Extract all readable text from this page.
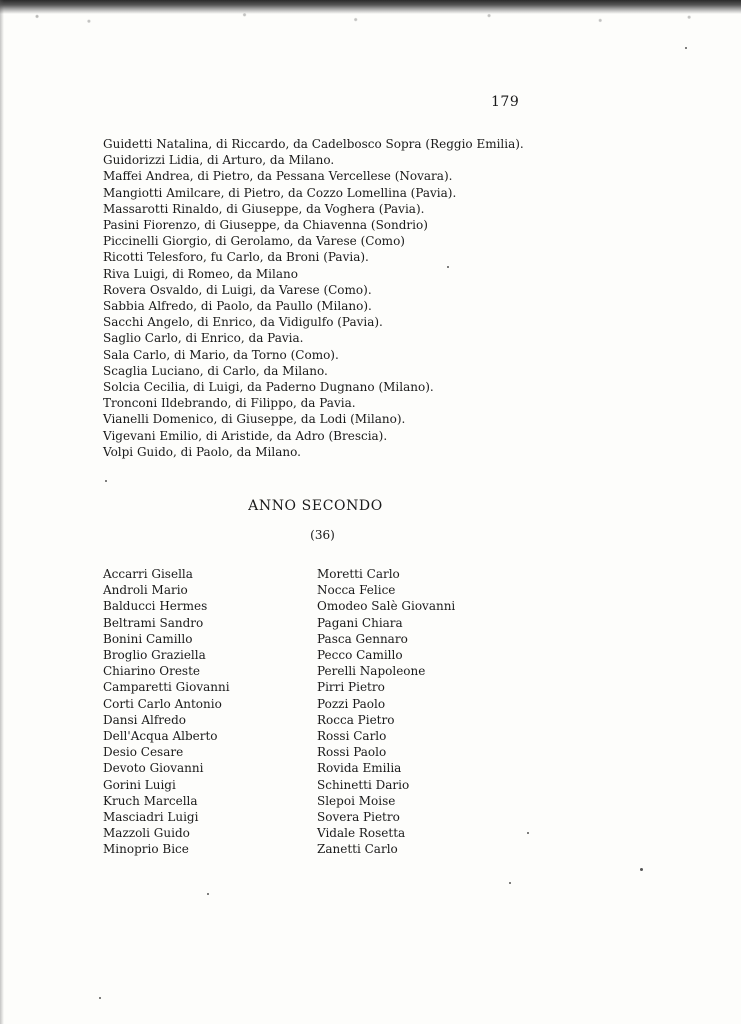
179
Guidetti Natalina, di Riccardo, da Cadelbosco Sopra (Reggio Emilia).
Guidorizzi Lidia, di Arturo, da Milano.
Maffei Andrea, di Pietro, da Pessana Vercellese (Novara).
Mangiotti Amilcare, di Pietro, da Cozzo Lomellina (Pavia).
Massarotti Rinaldo, di Giuseppe, da Voghera (Pavia).
Pasini Fiorenzo, di Giuseppe, da Chiavenna (Sondrio)
Piccinelli Giorgio, di Gerolamo, da Varese (Como)
Ricotti Telesforo, fu Carlo, da Broni (Pavia).
Riva Luigi, di Romeo, da Milano
Rovera Osvaldo, di Luigi, da Varese (Como).
Sabbia Alfredo, di Paolo, da Paullo (Milano).
Sacchi Angelo, di Enrico, da Vidigulfo (Pavia).
Saglio Carlo, di Enrico, da Pavia.
Sala Carlo, di Mario, da Torno (Como).
Scaglia Luciano, di Carlo, da Milano.
Solcia Cecilia, di Luigi, da Paderno Dugnano (Milano).
Tronconi Ildebrando, di Filippo, da Pavia.
Vianelli Domenico, di Giuseppe, da Lodi (Milano).
Vigevani Emilio, di Aristide, da Adro (Brescia).
Volpi Guido, di Paolo, da Milano.
ANNO SECONDO
(36)
Accarri Gisella
Androli Mario
Balducci Hermes
Beltrami Sandro
Bonini Camillo
Broglio Graziella
Chiarino Oreste
Camparetti Giovanni
Corti Carlo Antonio
Dansi Alfredo
Dell'Acqua Alberto
Desio Cesare
Devoto Giovanni
Gorini Luigi
Kruch Marcella
Masciadri Luigi
Mazzoli Guido
Minoprio Bice
Moretti Carlo
Nocca Felice
Omodeo Salè Giovanni
Pagani Chiara
Pasca Gennaro
Pecco Camillo
Perelli Napoleone
Pirri Pietro
Pozzi Paolo
Rocca Pietro
Rossi Carlo
Rossi Paolo
Rovida Emilia
Schinetti Dario
Slepoi Moise
Sovera Pietro
Vidale Rosetta
Zanetti Carlo
